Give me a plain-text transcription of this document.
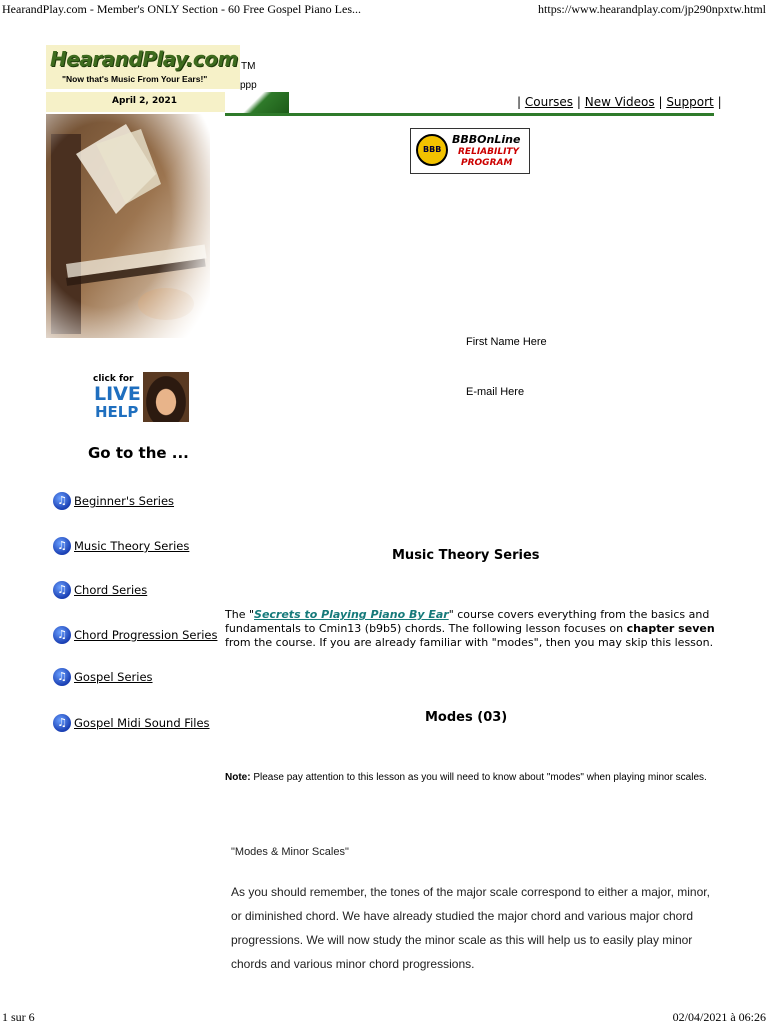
HearandPlay.com - Member's ONLY Section - 60 Free Gospel Piano Les...	https://www.hearandplay.com/jp290npxtw.html
HearandPlay.com
"Now that's Music From Your Ears!"
TM
ppp
April 2, 2021	| Courses | New Videos | Support |
BBB
BBBOnLine
RELIABILITY
PROGRAM
First Name Here
E-mail Here
click for
LIVE
HELP
Go to the ...
♫ Beginner's Series
♫ Music Theory Series
♫ Chord Series
♫ Chord Progression Series
♫ Gospel Series
♫ Gospel Midi Sound Files
Music Theory Series
The "Secrets to Playing Piano By Ear" course covers everything from the basics and fundamentals to Cmin13 (b9b5) chords. The following lesson focuses on chapter seven from the course. If you are already familiar with "modes", then you may skip this lesson.
Modes (03)
Note: Please pay attention to this lesson as you will need to know about "modes" when playing minor scales.
"Modes & Minor Scales"
As you should remember, the tones of the major scale correspond to either a major, minor, or diminished chord. We have already studied the major chord and various major chord progressions. We will now study the minor scale as this will help us to easily play minor chords and various minor chord progressions.
1 sur 6	02/04/2021 à 06:26
